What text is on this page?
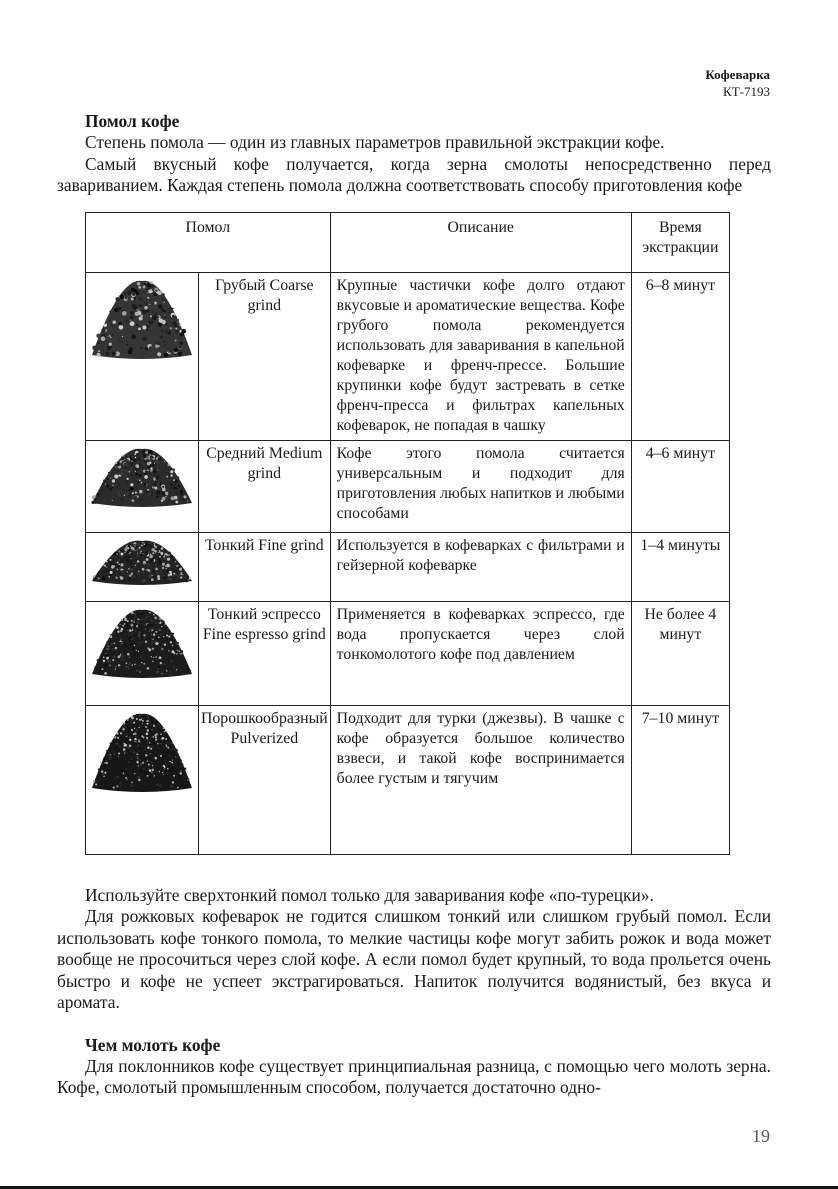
Кофеварка
КТ-7193
Помол кофе

Степень помола — один из главных параметров правильной экстракции кофе.

Самый вкусный кофе получается, когда зерна смолоты непосредственно перед завариванием. Каждая степень помола должна соответствовать способу приготовления кофе

Помол		Описание	Время экстракции

	Грубый Coarse grind	Крупные частички кофе долго отдают вкусовые и ароматические вещества. Кофе грубого помола рекомендуется использовать для заваривания в капельной кофеварке и френч-прессе. Большие крупинки кофе будут застревать в сетке френч-пресса и фильтрах капельных кофеварок, не попадая в чашку	6–8 минут

	Средний Medium grind	Кофе этого помола считается универсальным и подходит для приготовления любых напитков и любыми способами	4–6 минут

	Тонкий Fine grind	Используется в кофеварках с фильтрами и гейзерной кофеварке	1–4 минуты

	Тонкий эспрессо Fine espresso grind	Применяется в кофеварках эспрессо, где вода пропускается через слой тонкомолотого кофе под давлением	Не более 4 минут

	Порошкообразный Pulverized	Подходит для турки (джезвы). В чашке с кофе образуется большое количество взвеси, и такой кофе воспринимается более густым и тягучим	7–10 минут

Используйте сверхтонкий помол только для заваривания кофе «по-турецки».

Для рожковых кофеварок не годится слишком тонкий или слишком грубый помол. Если использовать кофе тонкого помола, то мелкие частицы кофе могут забить рожок и вода может вообще не просочиться через слой кофе. А если помол будет крупный, то вода прольется очень быстро и кофе не успеет экстрагироваться. Напиток получится водянистый, без вкуса и аромата.

Чем молоть кофе

Для поклонников кофе существует принципиальная разница, с помощью чего молоть зерна. Кофе, смолотый промышленным способом, получается достаточно одно-

19
